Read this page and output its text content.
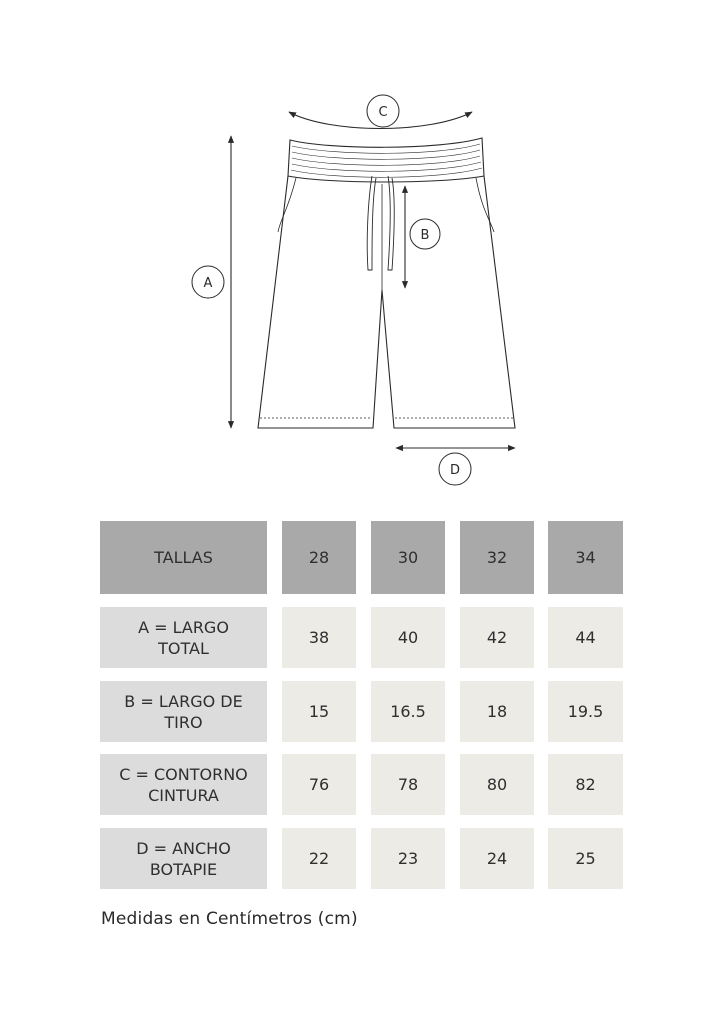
A
B
C
D
TALLAS	28	30	32	34
A = LARGO
TOTAL
38	40	42	44
B = LARGO DE
TIRO
15	16.5	18	19.5
C = CONTORNO
CINTURA
76	78	80	82
D = ANCHO
BOTAPIE
22	23	24	25
Medidas en Centímetros (cm)
